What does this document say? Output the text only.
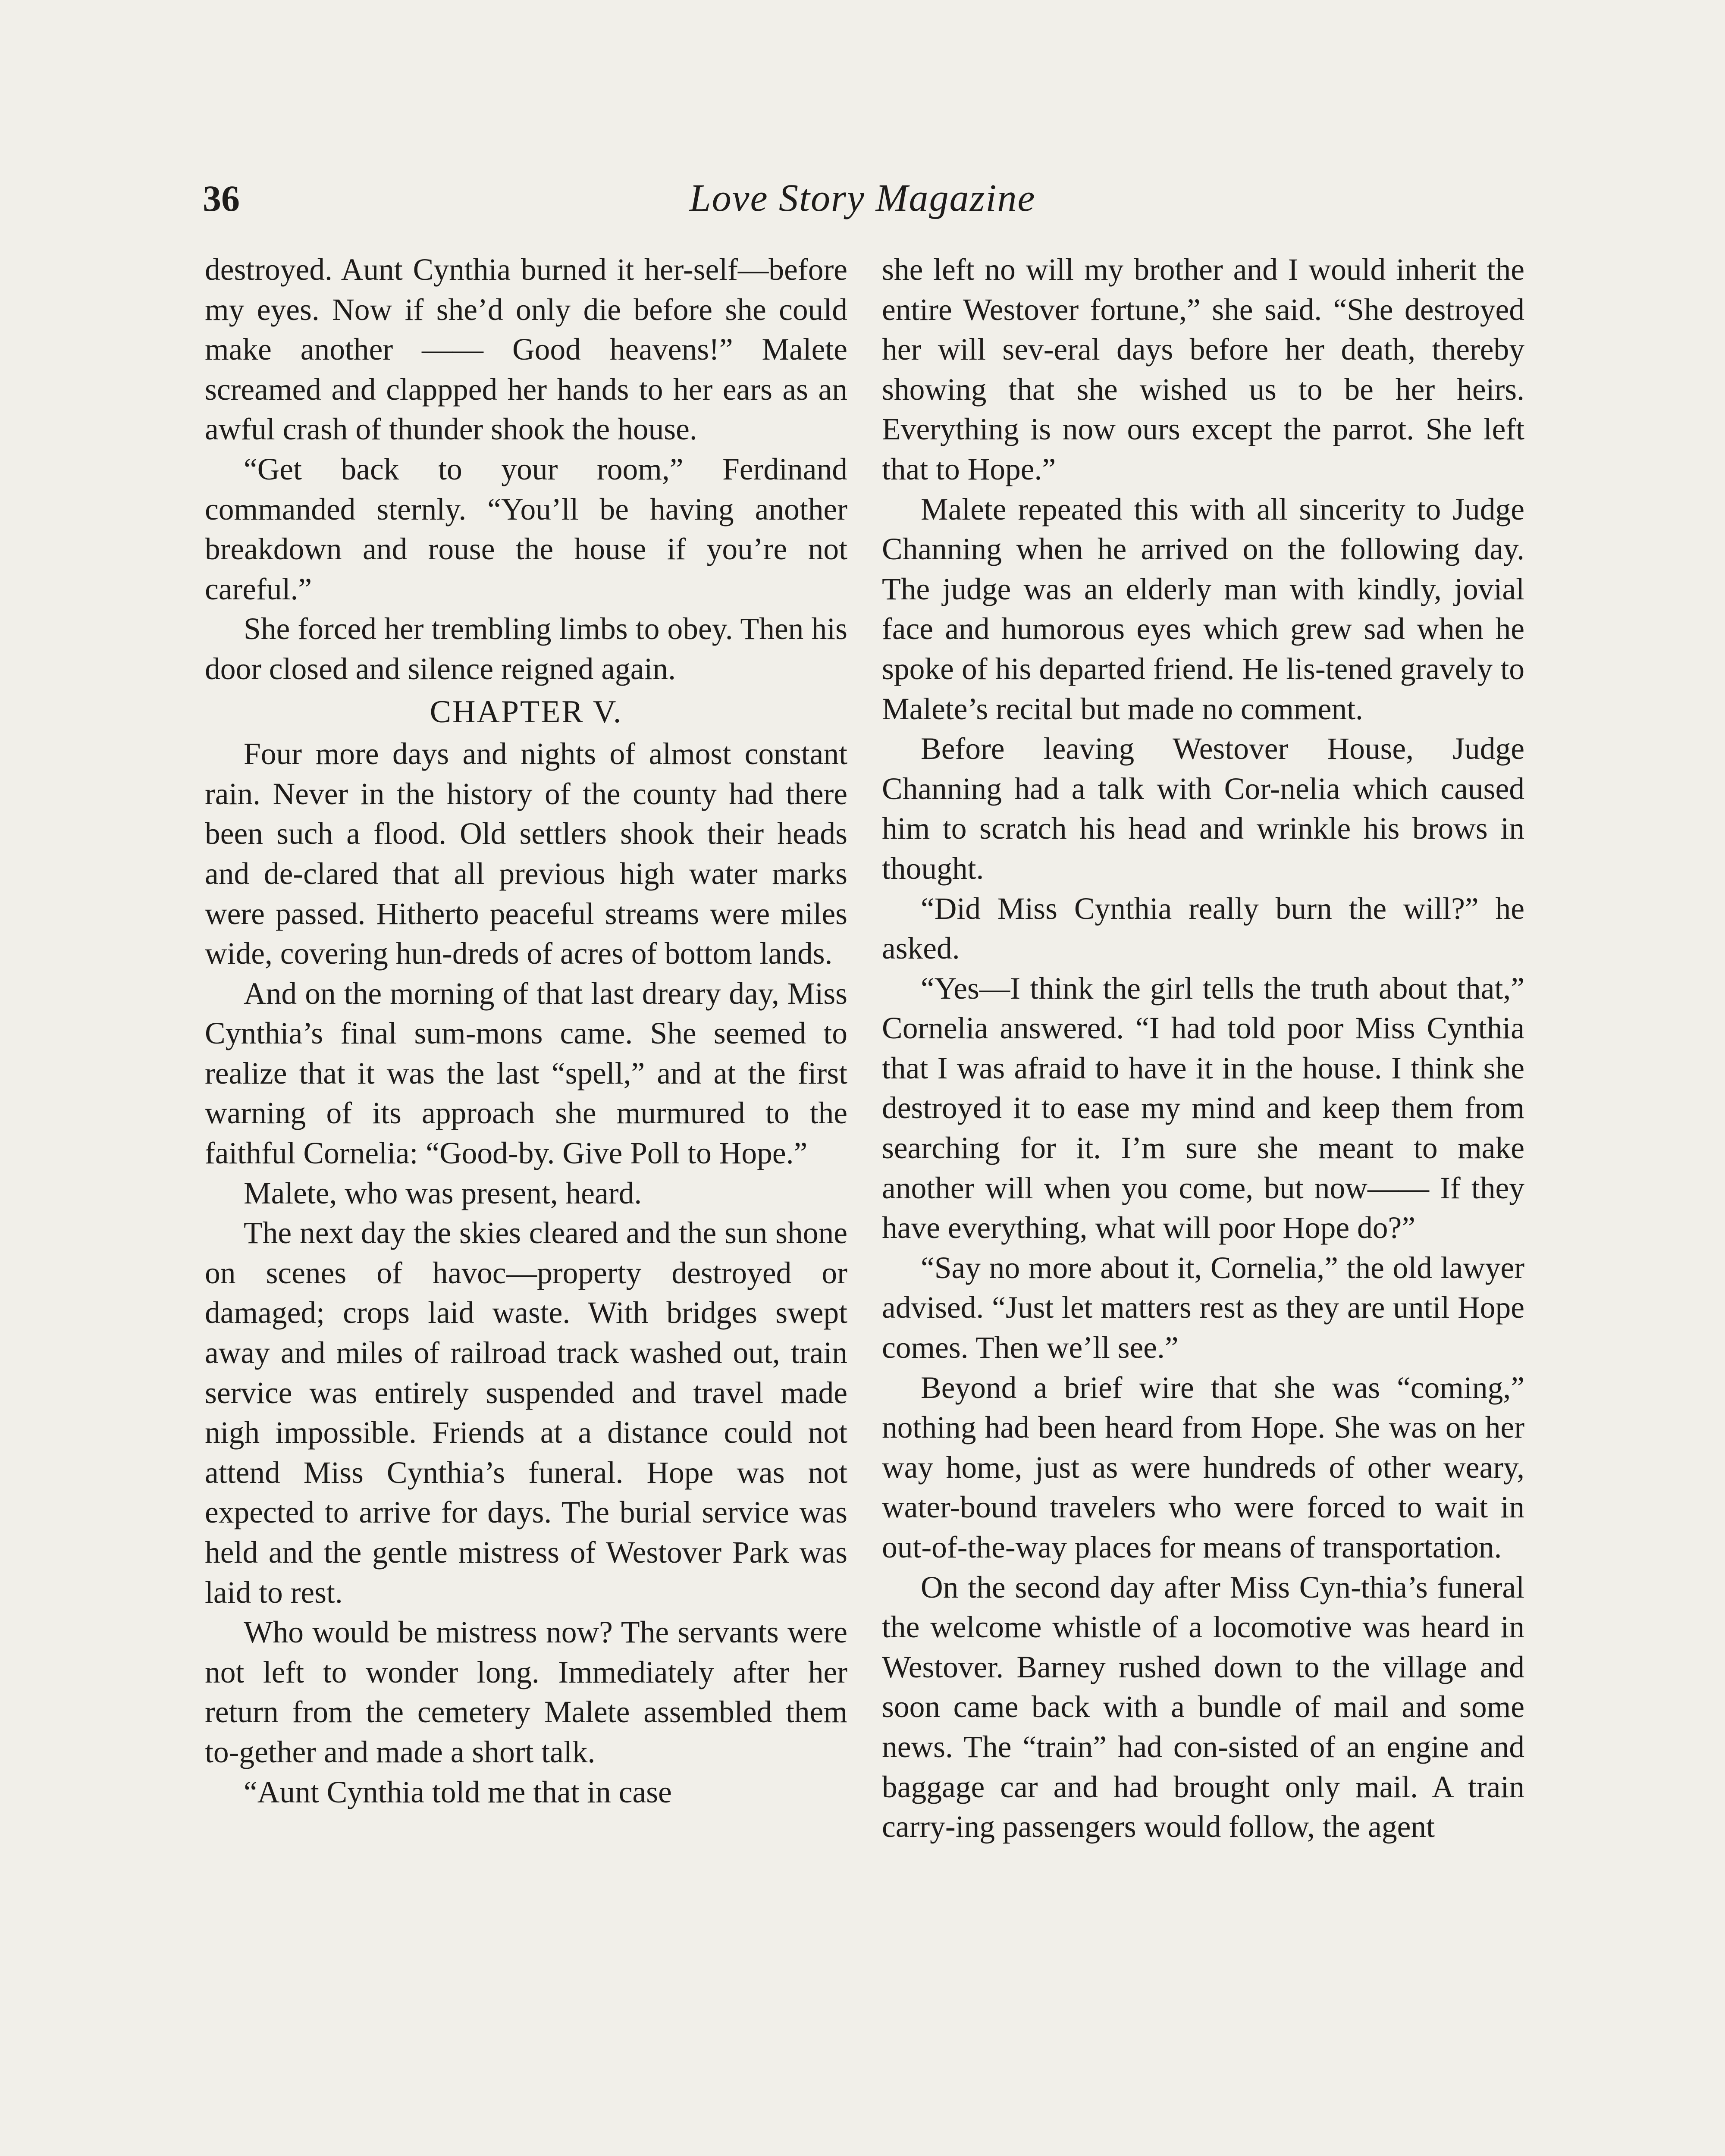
36	Love Story Magazine

destroyed. Aunt Cynthia burned it her-self—before my eyes. Now if she’d only die before she could make another —— Good heavens!” Malete screamed and clappped her hands to her ears as an awful crash of thunder shook the house.

“Get back to your room,” Ferdinand commanded sternly. “You’ll be having another breakdown and rouse the house if you’re not careful.”

She forced her trembling limbs to obey. Then his door closed and silence reigned again.

CHAPTER V.

Four more days and nights of almost constant rain. Never in the history of the county had there been such a flood. Old settlers shook their heads and de-clared that all previous high water marks were passed. Hitherto peaceful streams were miles wide, covering hun-dreds of acres of bottom lands.

And on the morning of that last dreary day, Miss Cynthia’s final sum-mons came. She seemed to realize that it was the last “spell,” and at the first warning of its approach she murmured to the faithful Cornelia: “Good-by. Give Poll to Hope.”

Malete, who was present, heard.

The next day the skies cleared and the sun shone on scenes of havoc—property destroyed or damaged; crops laid waste. With bridges swept away and miles of railroad track washed out, train service was entirely suspended and travel made nigh impossible. Friends at a distance could not attend Miss Cynthia’s funeral. Hope was not expected to arrive for days. The burial service was held and the gentle mistress of Westover Park was laid to rest.

Who would be mistress now? The servants were not left to wonder long. Immediately after her return from the cemetery Malete assembled them to-gether and made a short talk.

“Aunt Cynthia told me that in case

she left no will my brother and I would inherit the entire Westover fortune,” she said. “She destroyed her will sev-eral days before her death, thereby showing that she wished us to be her heirs. Everything is now ours except the parrot. She left that to Hope.”

Malete repeated this with all sincerity to Judge Channing when he arrived on the following day. The judge was an elderly man with kindly, jovial face and humorous eyes which grew sad when he spoke of his departed friend. He lis-tened gravely to Malete’s recital but made no comment.

Before leaving Westover House, Judge Channing had a talk with Cor-nelia which caused him to scratch his head and wrinkle his brows in thought.

“Did Miss Cynthia really burn the will?” he asked.

“Yes—I think the girl tells the truth about that,” Cornelia answered. “I had told poor Miss Cynthia that I was afraid to have it in the house. I think she destroyed it to ease my mind and keep them from searching for it. I’m sure she meant to make another will when you come, but now—— If they have everything, what will poor Hope do?”

“Say no more about it, Cornelia,” the old lawyer advised. “Just let matters rest as they are until Hope comes. Then we’ll see.”

Beyond a brief wire that she was “coming,” nothing had been heard from Hope. She was on her way home, just as were hundreds of other weary, water-bound travelers who were forced to wait in out-of-the-way places for means of transportation.

On the second day after Miss Cyn-thia’s funeral the welcome whistle of a locomotive was heard in Westover. Barney rushed down to the village and soon came back with a bundle of mail and some news. The “train” had con-sisted of an engine and baggage car and had brought only mail. A train carry-ing passengers would follow, the agent
